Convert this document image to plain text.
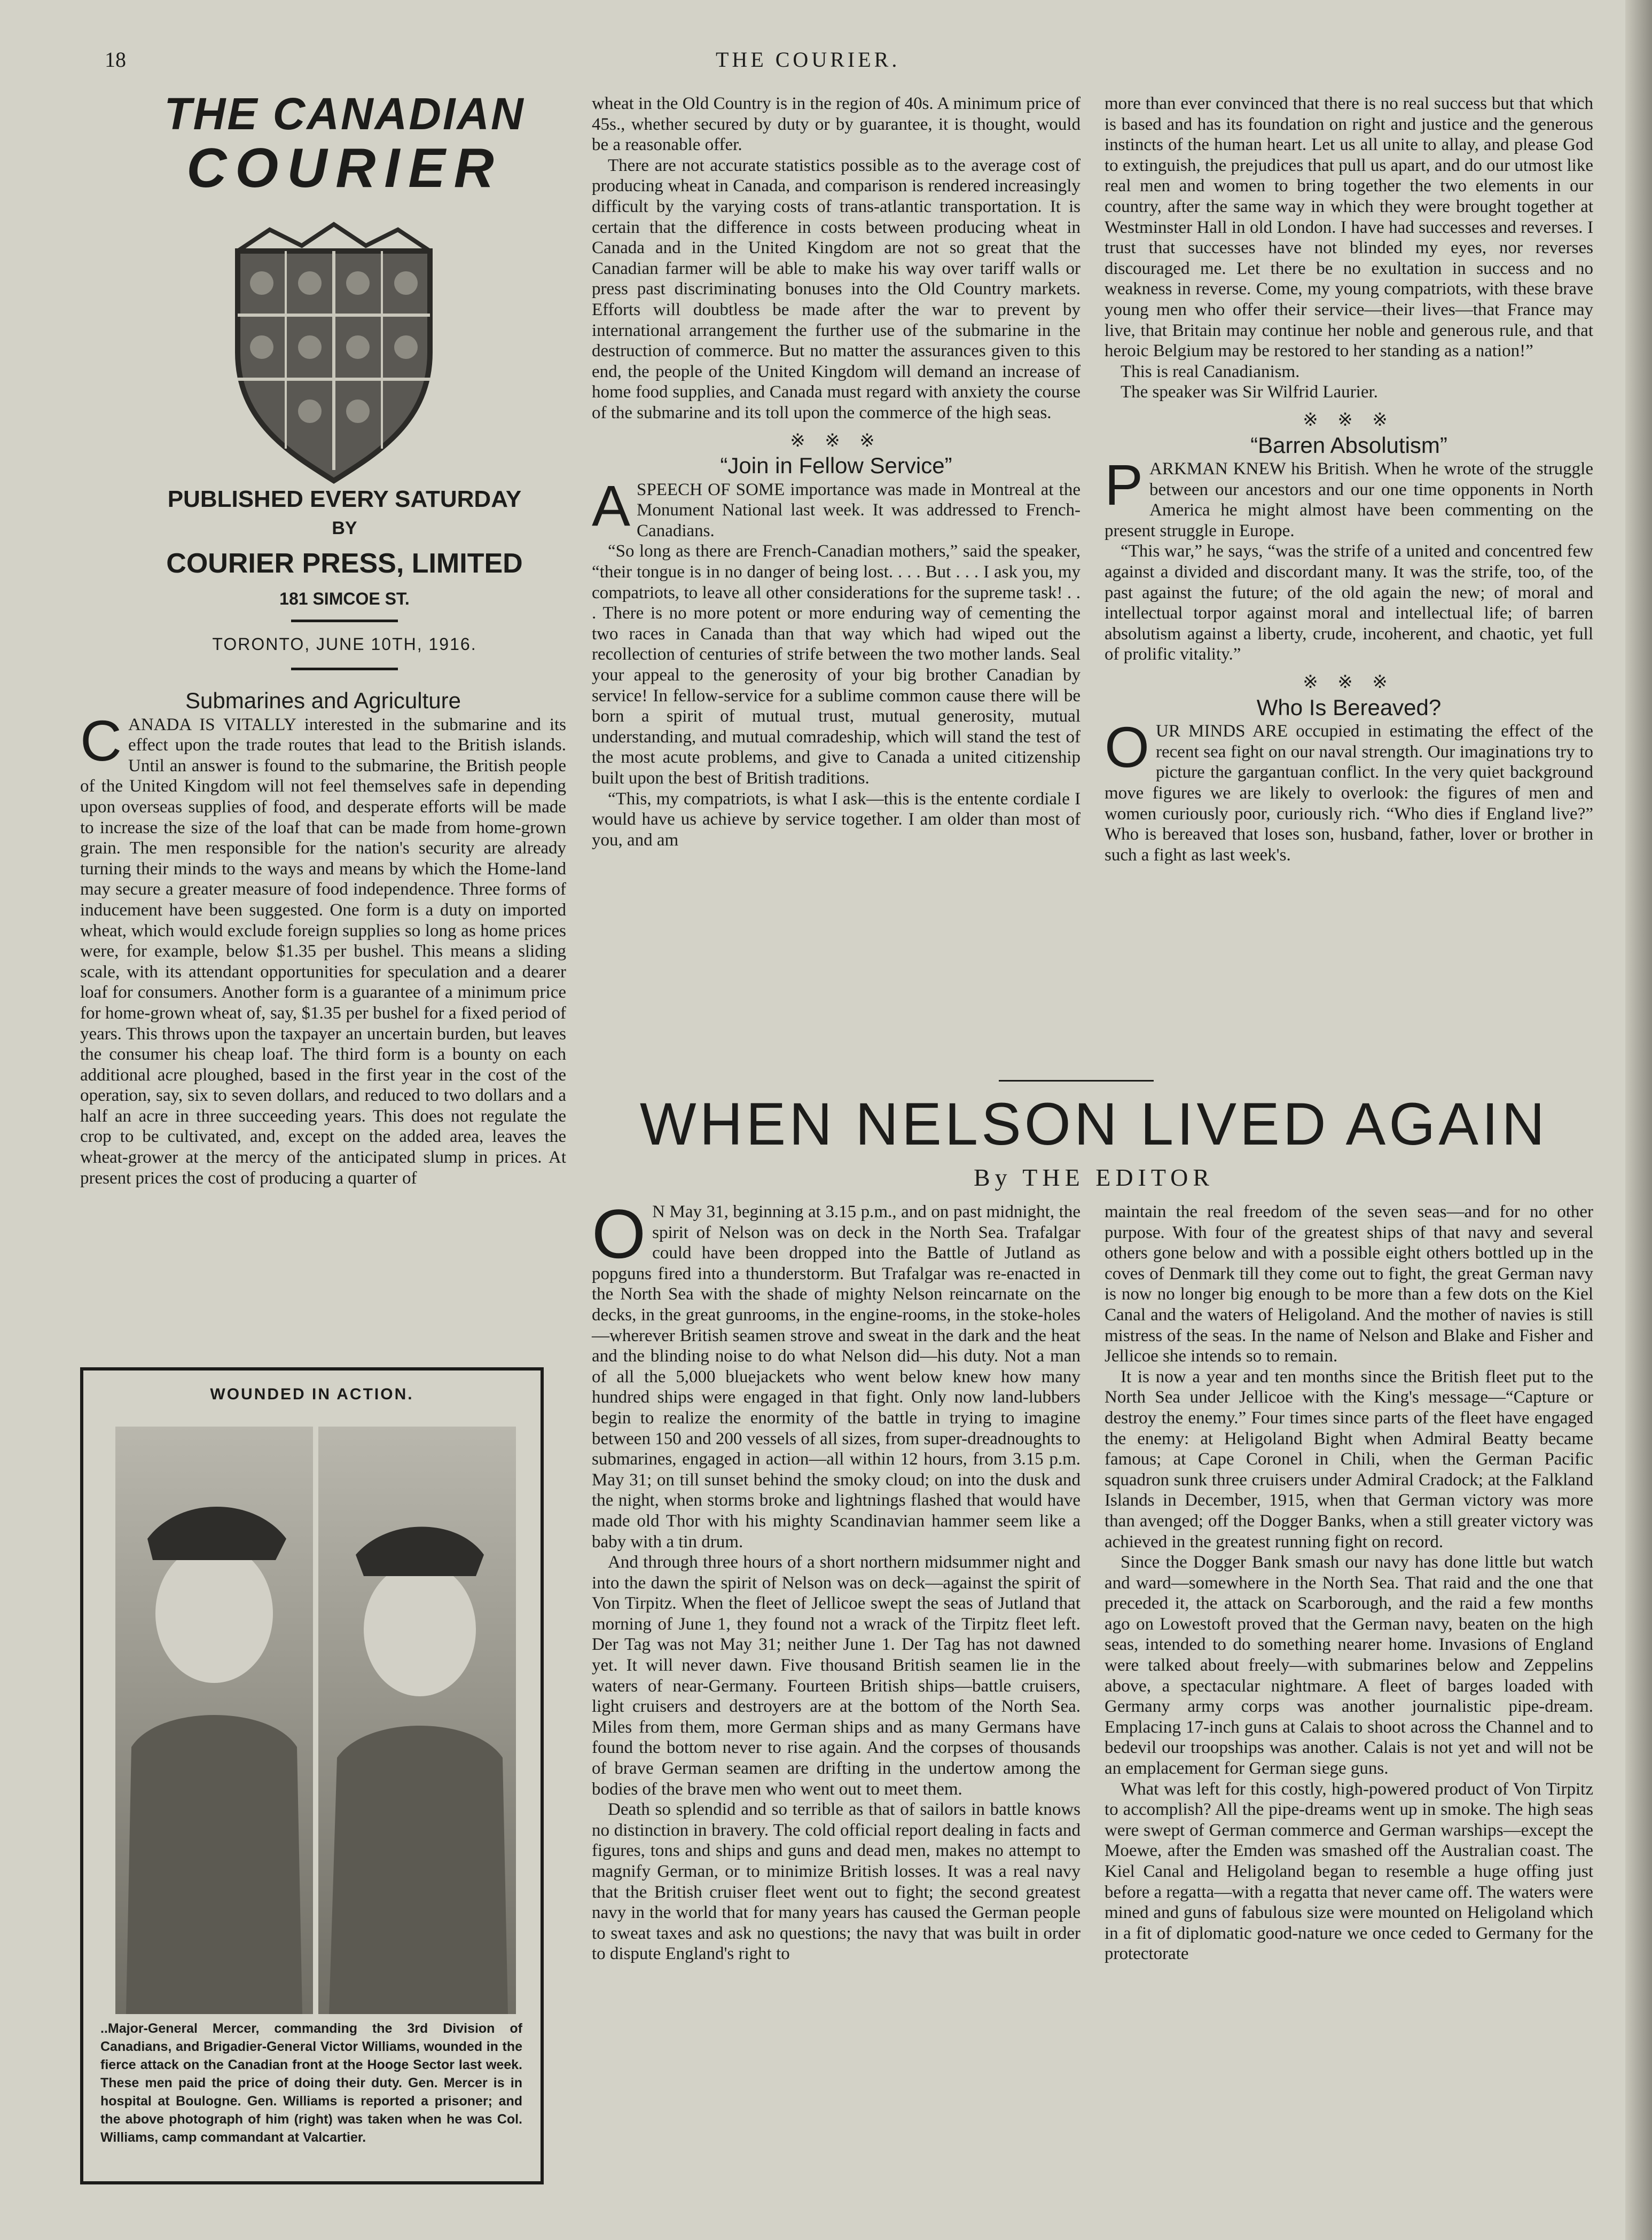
18	THE COURIER.
THE CANADIAN
COURIER
PUBLISHED EVERY SATURDAY
BY
COURIER PRESS, LIMITED
181 SIMCOE ST.
TORONTO, JUNE 10TH, 1916.
Submarines and Agriculture

CANADA IS VITALLY interested in the submarine and its effect upon the trade routes that lead to the British islands. Until an answer is found to the submarine, the British people of the United Kingdom will not feel themselves safe in depending upon overseas supplies of food, and desperate efforts will be made to increase the size of the loaf that can be made from home-grown grain. The men responsible for the nation's security are already turning their minds to the ways and means by which the Home-land may secure a greater measure of food independence. Three forms of inducement have been suggested. One form is a duty on imported wheat, which would exclude foreign supplies so long as home prices were, for example, below $1.35 per bushel. This means a sliding scale, with its attendant opportunities for speculation and a dearer loaf for consumers. Another form is a guarantee of a minimum price for home-grown wheat of, say, $1.35 per bushel for a fixed period of years. This throws upon the taxpayer an uncertain burden, but leaves the consumer his cheap loaf. The third form is a bounty on each additional acre ploughed, based in the first year in the cost of the operation, say, six to seven dollars, and reduced to two dollars and a half an acre in three succeeding years. This does not regulate the crop to be cultivated, and, except on the added area, leaves the wheat-grower at the mercy of the anticipated slump in prices. At present prices the cost of producing a quarter of

WOUNDED IN ACTION.
..Major-General Mercer, commanding the 3rd Division of Canadians, and Brigadier-General Victor Williams, wounded in the fierce attack on the Canadian front at the Hooge Sector last week. These men paid the price of doing their duty. Gen. Mercer is in hospital at Boulogne. Gen. Williams is reported a prisoner; and the above photograph of him (right) was taken when he was Col. Williams, camp commandant at Valcartier.

wheat in the Old Country is in the region of 40s. A minimum price of 45s., whether secured by duty or by guarantee, it is thought, would be a reasonable offer.

There are not accurate statistics possible as to the average cost of producing wheat in Canada, and comparison is rendered increasingly difficult by the varying costs of trans-atlantic transportation. It is certain that the difference in costs between producing wheat in Canada and in the United Kingdom are not so great that the Canadian farmer will be able to make his way over tariff walls or press past discriminating bonuses into the Old Country markets. Efforts will doubtless be made after the war to prevent by international arrangement the further use of the submarine in the destruction of commerce. But no matter the assurances given to this end, the people of the United Kingdom will demand an increase of home food supplies, and Canada must regard with anxiety the course of the submarine and its toll upon the commerce of the high seas.

※ ※ ※
“Join in Fellow Service”

ASPEECH OF SOME importance was made in Montreal at the Monument National last week. It was addressed to French-Canadians.

“So long as there are French-Canadian mothers,” said the speaker, “their tongue is in no danger of being lost. . . . But . . . I ask you, my compatriots, to leave all other considerations for the supreme task! . . . There is no more potent or more enduring way of cementing the two races in Canada than that way which had wiped out the recollection of centuries of strife between the two mother lands. Seal your appeal to the generosity of your big brother Canadian by service! In fellow-service for a sublime common cause there will be born a spirit of mutual trust, mutual generosity, mutual understanding, and mutual comradeship, which will stand the test of the most acute problems, and give to Canada a united citizenship built upon the best of British traditions.

“This, my compatriots, is what I ask—this is the entente cordiale I would have us achieve by service together. I am older than most of you, and am

more than ever convinced that there is no real success but that which is based and has its foundation on right and justice and the generous instincts of the human heart. Let us all unite to allay, and please God to extinguish, the prejudices that pull us apart, and do our utmost like real men and women to bring together the two elements in our country, after the same way in which they were brought together at Westminster Hall in old London. I have had successes and reverses. I trust that successes have not blinded my eyes, nor reverses discouraged me. Let there be no exultation in success and no weakness in reverse. Come, my young compatriots, with these brave young men who offer their service—their lives—that France may live, that Britain may continue her noble and generous rule, and that heroic Belgium may be restored to her standing as a nation!”

This is real Canadianism.

The speaker was Sir Wilfrid Laurier.

※ ※ ※
“Barren Absolutism”

PARKMAN KNEW his British. When he wrote of the struggle between our ancestors and our one time opponents in North America he might almost have been commenting on the present struggle in Europe.

“This war,” he says, “was the strife of a united and concentred few against a divided and discordant many. It was the strife, too, of the past against the future; of the old again the new; of moral and intellectual torpor against moral and intellectual life; of barren absolutism against a liberty, crude, incoherent, and chaotic, yet full of prolific vitality.”

※ ※ ※
Who Is Bereaved?

OUR MINDS ARE occupied in estimating the effect of the recent sea fight on our naval strength. Our imaginations try to picture the gargantuan conflict. In the very quiet background move figures we are likely to overlook: the figures of men and women curiously poor, curiously rich. “Who dies if England live?” Who is bereaved that loses son, husband, father, lover or brother in such a fight as last week's.

WHEN NELSON LIVED AGAIN
By THE EDITOR

O N May 31, beginning at 3.15 p.m., and on past midnight, the spirit of Nelson was on deck in the North Sea. Trafalgar could have been dropped into the Battle of Jutland as popguns fired into a thunderstorm. But Trafalgar was re-enacted in the North Sea with the shade of mighty Nelson reincarnate on the decks, in the great gunrooms, in the engine-rooms, in the stoke-holes—wherever British seamen strove and sweat in the dark and the heat and the blinding noise to do what Nelson did—his duty. Not a man of all the 5,000 bluejackets who went below knew how many hundred ships were engaged in that fight. Only now land-lubbers begin to realize the enormity of the battle in trying to imagine between 150 and 200 vessels of all sizes, from super-dreadnoughts to submarines, engaged in action—all within 12 hours, from 3.15 p.m. May 31; on till sunset behind the smoky cloud; on into the dusk and the night, when storms broke and lightnings flashed that would have made old Thor with his mighty Scandinavian hammer seem like a baby with a tin drum.

And through three hours of a short northern midsummer night and into the dawn the spirit of Nelson was on deck—against the spirit of Von Tirpitz. When the fleet of Jellicoe swept the seas of Jutland that morning of June 1, they found not a wrack of the Tirpitz fleet left. Der Tag was not May 31; neither June 1. Der Tag has not dawned yet. It will never dawn. Five thousand British seamen lie in the waters of near-Germany. Fourteen British ships—battle cruisers, light cruisers and destroyers are at the bottom of the North Sea. Miles from them, more German ships and as many Germans have found the bottom never to rise again. And the corpses of thousands of brave German seamen are drifting in the undertow among the bodies of the brave men who went out to meet them.

Death so splendid and so terrible as that of sailors in battle knows no distinction in bravery. The cold official report dealing in facts and figures, tons and ships and guns and dead men, makes no attempt to magnify German, or to minimize British losses. It was a real navy that the British cruiser fleet went out to fight; the second greatest navy in the world that for many years has caused the German people to sweat taxes and ask no questions; the navy that was built in order to dispute England's right to

maintain the real freedom of the seven seas—and for no other purpose. With four of the greatest ships of that navy and several others gone below and with a possible eight others bottled up in the coves of Denmark till they come out to fight, the great German navy is now no longer big enough to be more than a few dots on the Kiel Canal and the waters of Heligoland. And the mother of navies is still mistress of the seas. In the name of Nelson and Blake and Fisher and Jellicoe she intends so to remain.

It is now a year and ten months since the British fleet put to the North Sea under Jellicoe with the King's message—“Capture or destroy the enemy.” Four times since parts of the fleet have engaged the enemy: at Heligoland Bight when Admiral Beatty became famous; at Cape Coronel in Chili, when the German Pacific squadron sunk three cruisers under Admiral Cradock; at the Falkland Islands in December, 1915, when that German victory was more than avenged; off the Dogger Banks, when a still greater victory was achieved in the greatest running fight on record.

Since the Dogger Bank smash our navy has done little but watch and ward—somewhere in the North Sea. That raid and the one that preceded it, the attack on Scarborough, and the raid a few months ago on Lowestoft proved that the German navy, beaten on the high seas, intended to do something nearer home. Invasions of England were talked about freely—with submarines below and Zeppelins above, a spectacular nightmare. A fleet of barges loaded with Germany army corps was another journalistic pipe-dream. Emplacing 17-inch guns at Calais to shoot across the Channel and to bedevil our troopships was another. Calais is not yet and will not be an emplacement for German siege guns.

What was left for this costly, high-powered product of Von Tirpitz to accomplish? All the pipe-dreams went up in smoke. The high seas were swept of German commerce and German warships—except the Moewe, after the Emden was smashed off the Australian coast. The Kiel Canal and Heligoland began to resemble a huge offing just before a regatta—with a regatta that never came off. The waters were mined and guns of fabulous size were mounted on Heligoland which in a fit of diplomatic good-nature we once ceded to Germany for the protectorate
